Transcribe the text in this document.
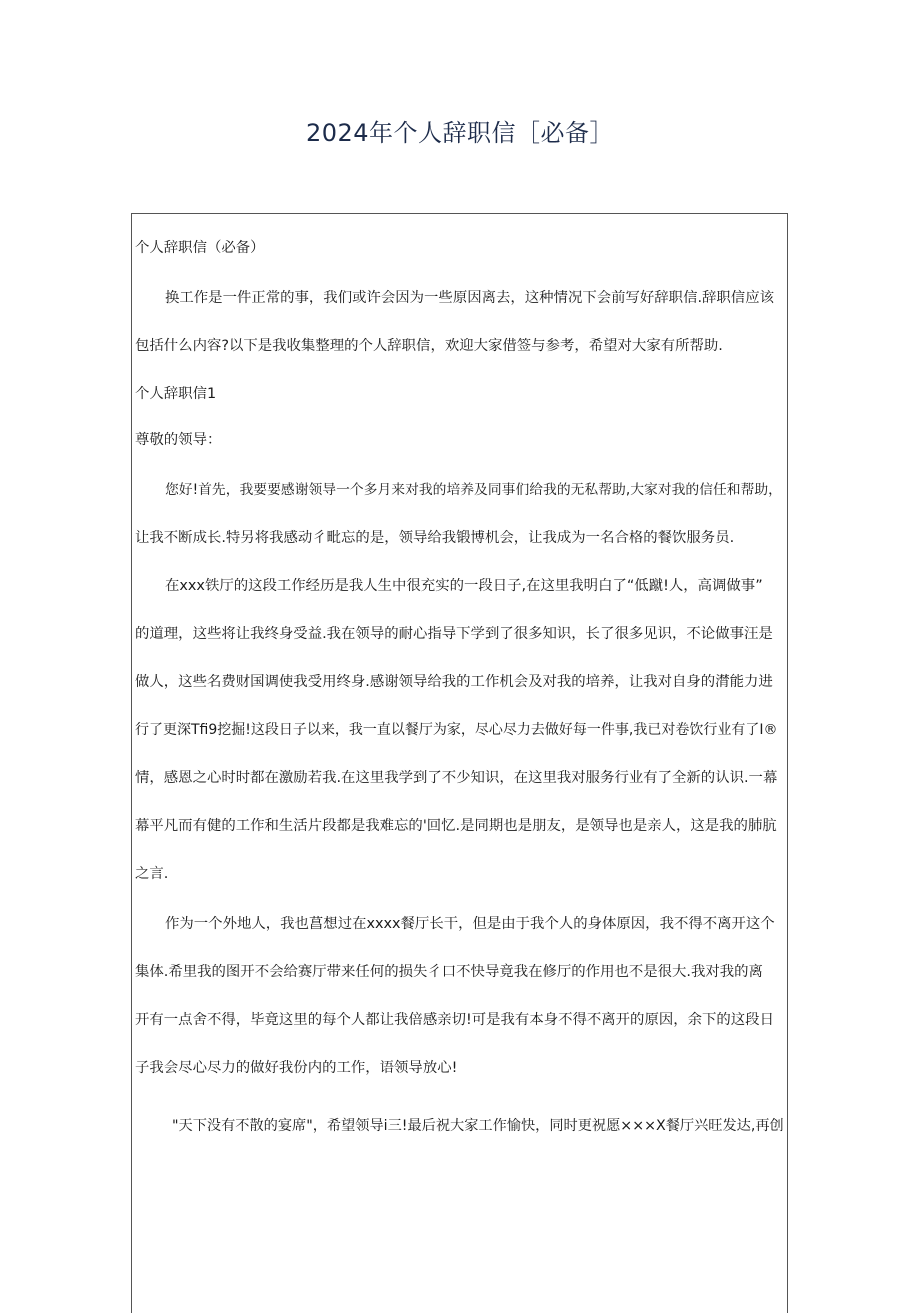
2024年个人辞职信［必备］
个人辞职信（必备）
换工作是一件正常的事，我们或许会因为一些原因离去，这种情况下会前写好辞职信.辞职信应该
包括什么内容?以下是我收集整理的个人辞职信，欢迎大家借签与参考，希望对大家有所帮助.
个人辞职信1
尊敬的领导：
您好!首先，我要要感谢领导一个多月来对我的培养及同事们给我的无私帮助,大家对我的信任和帮助，
让我不断成长.特另将我感动彳毗忘的是，领导给我锻博机会，让我成为一名合格的餐饮服务员.
在xxx铁厅的这段工作经历是我人生中很充实的一段日子,在这里我明白了“低蹴!人，高调做事”
的道理，这些将让我终身受益.我在领导的耐心指导下学到了很多知识，长了很多见识，不论做事汪是
做人，这些名费财国调使我受用终身.感谢领导给我的工作机会及对我的培养，让我对自身的潸能力进
行了更深Tfi9挖掘!这段日子以来，我一直以餐厅为家，尽心尽力去做好每一件事,我已对卷饮行业有了I®
情，感恩之心时时都在激励若我.在这里我学到了不少知识，在这里我对服务行业有了全新的认识.一幕
幕平凡而有健的工作和生活片段都是我难忘的'回忆.是同期也是朋友，是领导也是亲人，这是我的肺肮
之言.
作为一个外地人，我也菖想过在xxxx餐厅长干，但是由于我个人的身体原因，我不得不离开这个
集体.希里我的图开不会给赛厅带来任何的损失彳口不快导竟我在修厅的作用也不是很大.我对我的离
开有一点舍不得，毕竟这里的每个人都让我倍感亲切!可是我有本身不得不离开的原因，余下的这段日
子我会尽心尽力的做好我份内的工作，语领导放心!
"天下没有不散的宴席"，希望领导i三!最后祝大家工作愉快，同时更祝愿×××X餐厅兴旺发达,再创
